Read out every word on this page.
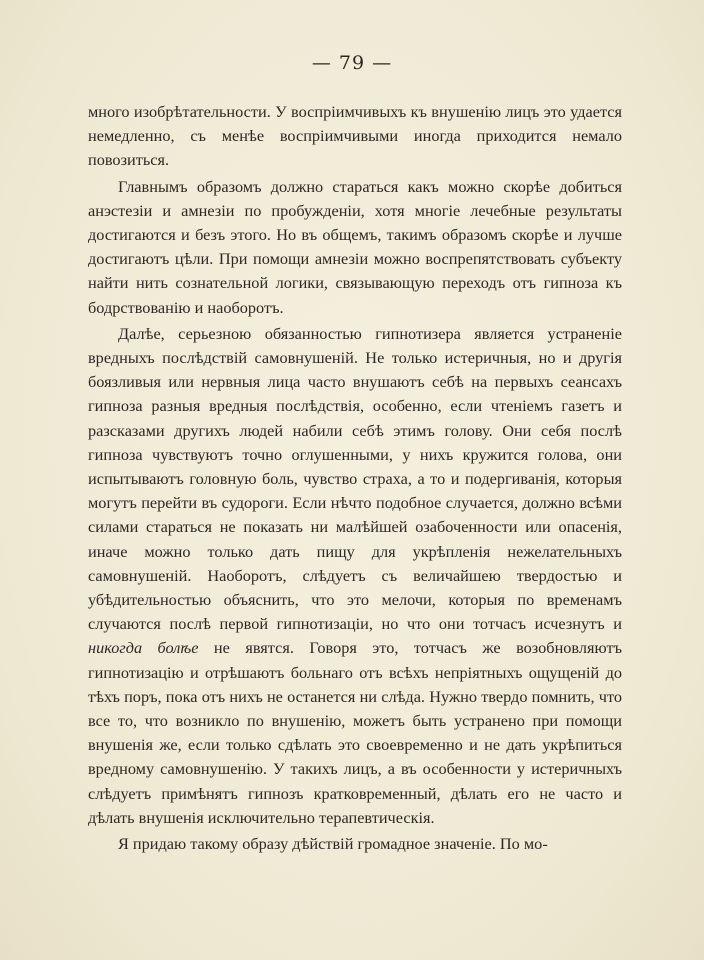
— 79 —

много изобрѣтательности. У воспріимчивыхъ къ внушенію лицъ это удается немедленно, съ менѣе воспріимчивыми иногда приходится немало повозиться.

Главнымъ образомъ должно стараться какъ можно скорѣе добиться анэстезіи и амнезіи по пробужденіи, хотя многіе лечебные результаты достигаются и безъ этого. Но въ общемъ, такимъ образомъ скорѣе и лучше достигаютъ цѣли. При помощи амнезіи можно воспрепятствовать субъекту найти нить сознательной логики, связывающую переходъ отъ гипноза къ бодрствованію и наоборотъ.

Далѣе, серьезною обязанностью гипнотизера является устраненіе вредныхъ послѣдствій самовнушеній. Не только истеричныя, но и другія боязливыя или нервныя лица часто внушаютъ себѣ на первыхъ сеансахъ гипноза разныя вредныя послѣдствія, особенно, если чтеніемъ газетъ и разсказами другихъ людей набили себѣ этимъ голову. Они себя послѣ гипноза чувствуютъ точно оглушенными, у нихъ кружится голова, они испытываютъ головную боль, чувство страха, а то и подергиванія, которыя могутъ перейти въ судороги. Если нѣчто подобное случается, должно всѣми силами стараться не показать ни малѣйшей озабоченности или опасенія, иначе можно только дать пищу для укрѣпленія нежелательныхъ самовнушеній. Наоборотъ, слѣдуетъ съ величайшею твердостью и убѣдительностью объяснить, что это мелочи, которыя по временамъ случаются послѣ первой гипнотизаціи, но что они тотчасъ исчезнутъ и никогда болѣе не явятся. Говоря это, тотчасъ же возобновляютъ гипнотизацію и отрѣшаютъ больнаго отъ всѣхъ непріятныхъ ощущеній до тѣхъ поръ, пока отъ нихъ не останется ни слѣда. Нужно твердо помнить, что все то, что возникло по внушенію, можетъ быть устранено при помощи внушенія же, если только сдѣлать это своевременно и не дать укрѣпиться вредному самовнушенію. У такихъ лицъ, а въ особенности у истеричныхъ слѣдуетъ примѣнятъ гипнозъ кратковременный, дѣлать его не часто и дѣлать внушенія исключительно терапевтическія.

Я придаю такому образу дѣйствій громадное значеніе. По мо-
